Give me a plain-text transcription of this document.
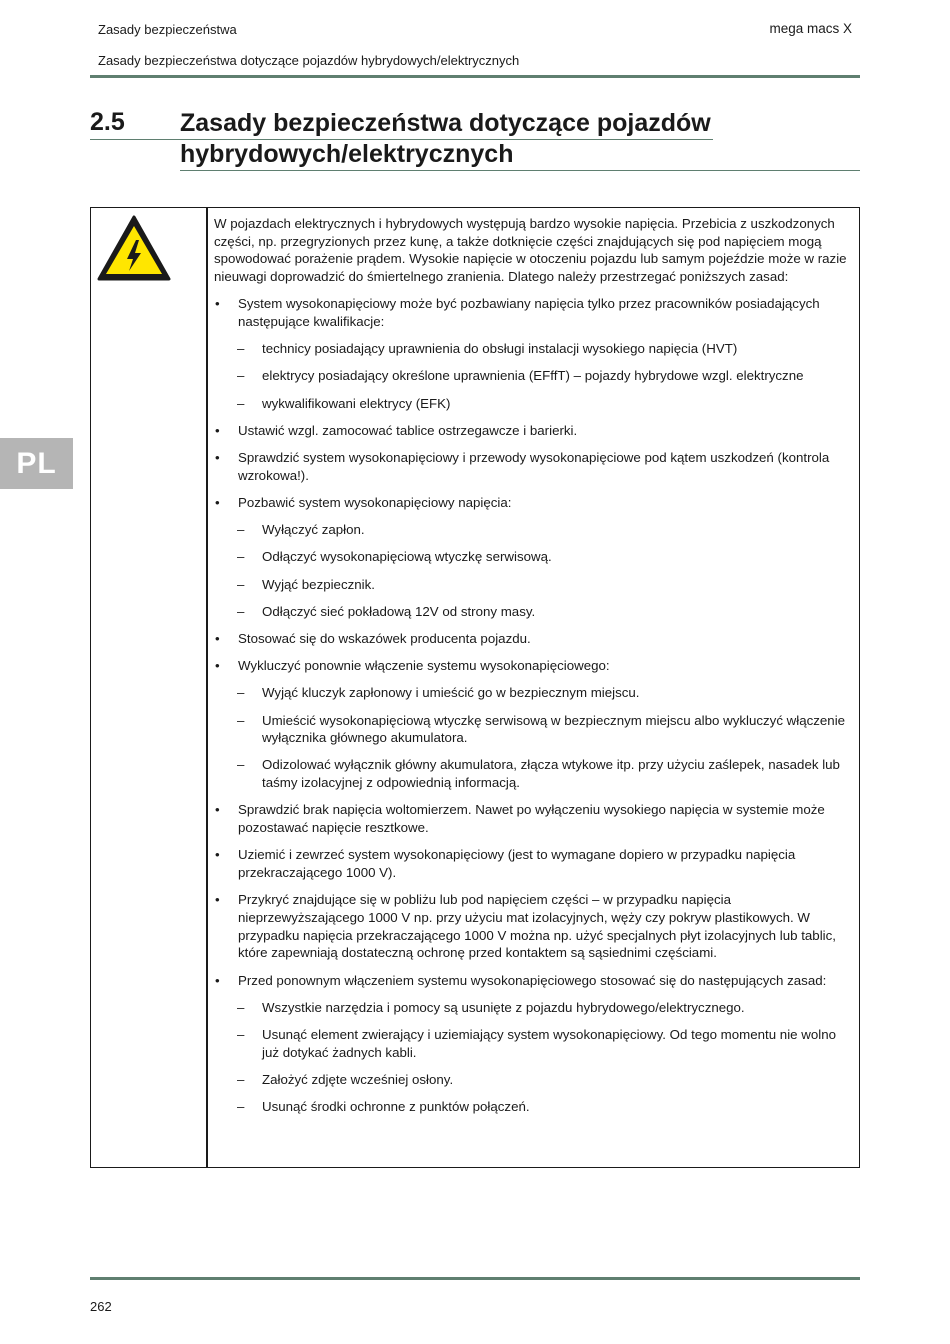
Zasady bezpieczeństwa	mega macs X
Zasady bezpieczeństwa dotyczące pojazdów hybrydowych/elektrycznych
2.5 Zasady bezpieczeństwa dotyczące pojazdów
hybrydowych/elektrycznych
PL

W pojazdach elektrycznych i hybrydowych występują bardzo wysokie napięcia. Przebicia z uszkodzonych części, np. przegryzionych przez kunę, a także dotknięcie części znajdujących się pod napięciem mogą spowodować porażenie prądem. Wysokie napięcie w otoczeniu pojazdu lub samym pojeździe może w razie nieuwagi doprowadzić do śmiertelnego zranienia. Dlatego należy przestrzegać poniższych zasad:

• System wysokonapięciowy może być pozbawiany napięcia tylko przez pracowników posiadających następujące kwalifikacje:
– technicy posiadający uprawnienia do obsługi instalacji wysokiego napięcia (HVT)
– elektrycy posiadający określone uprawnienia (EFffT) – pojazdy hybrydowe wzgl. elektryczne
– wykwalifikowani elektrycy (EFK)
• Ustawić wzgl. zamocować tablice ostrzegawcze i barierki.
• Sprawdzić system wysokonapięciowy i przewody wysokonapięciowe pod kątem uszkodzeń (kontrola wzrokowa!).
• Pozbawić system wysokonapięciowy napięcia:
– Wyłączyć zapłon.
– Odłączyć wysokonapięciową wtyczkę serwisową.
– Wyjąć bezpiecznik.
– Odłączyć sieć pokładową 12V od strony masy.
• Stosować się do wskazówek producenta pojazdu.
• Wykluczyć ponownie włączenie systemu wysokonapięciowego:
– Wyjąć kluczyk zapłonowy i umieścić go w bezpiecznym miejscu.
– Umieścić wysokonapięciową wtyczkę serwisową w bezpiecznym miejscu albo wykluczyć włączenie wyłącznika głównego akumulatora.
– Odizolować wyłącznik główny akumulatora, złącza wtykowe itp. przy użyciu zaślepek, nasadek lub taśmy izolacyjnej z odpowiednią informacją.
• Sprawdzić brak napięcia woltomierzem. Nawet po wyłączeniu wysokiego napięcia w systemie może pozostawać napięcie resztkowe.
• Uziemić i zewrzeć system wysokonapięciowy (jest to wymagane dopiero w przypadku napięcia przekraczającego 1000 V).
• Przykryć znajdujące się w pobliżu lub pod napięciem części – w przypadku napięcia nieprzewyższającego 1000 V np. przy użyciu mat izolacyjnych, węży czy pokryw plastikowych. W przypadku napięcia przekraczającego 1000 V można np. użyć specjalnych płyt izolacyjnych lub tablic, które zapewniają dostateczną ochronę przed kontaktem są sąsiednimi częściami.
• Przed ponownym włączeniem systemu wysokonapięciowego stosować się do następujących zasad:
– Wszystkie narzędzia i pomocy są usunięte z pojazdu hybrydowego/elektrycznego.
– Usunąć element zwierający i uziemiający system wysokonapięciowy. Od tego momentu nie wolno już dotykać żadnych kabli.
– Założyć zdjęte wcześniej osłony.
– Usunąć środki ochronne z punktów połączeń.
262
